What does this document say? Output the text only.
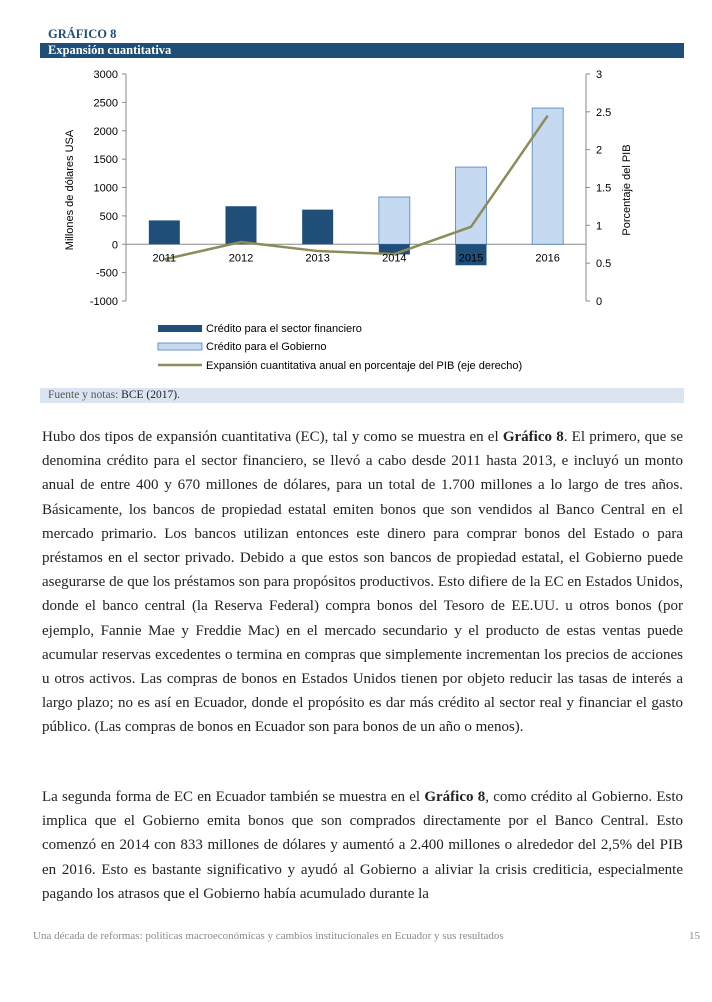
GRÁFICO 8
Expansión cuantitativa
3000
2500
2000
1500
1000
500
0
-500
-1000
3
2.5
2
1.5
1
0.5
0
2011	2012	2013	2014	2015	2016
Millones de dólares USA	Porcentaje del PIB
Crédito para el sector financiero
Crédito para el Gobierno
Expansión cuantitativa anual en porcentaje del PIB (eje derecho)
Fuente y notas: BCE (2017).

Hubo dos tipos de expansión cuantitativa (EC), tal y como se muestra en el Gráfico 8. El primero, que se denomina crédito para el sector financiero, se llevó a cabo desde 2011 hasta 2013, e incluyó un monto anual de entre 400 y 670 millones de dólares, para un total de 1.700 millones a lo largo de tres años. Básicamente, los bancos de propiedad estatal emiten bonos que son vendidos al Banco Central en el mercado primario. Los bancos utilizan entonces este dinero para comprar bonos del Estado o para préstamos en el sector privado. Debido a que estos son bancos de propiedad estatal, el Gobierno puede asegurarse de que los préstamos son para propósitos productivos. Esto difiere de la EC en Estados Unidos, donde el banco central (la Reserva Federal) compra bonos del Tesoro de EE.UU. u otros bonos (por ejemplo, Fannie Mae y Freddie Mac) en el mercado secundario y el producto de estas ventas puede acumular reservas excedentes o termina en compras que simplemente incrementan los precios de acciones u otros activos. Las compras de bonos en Estados Unidos tienen por objeto reducir las tasas de interés a largo plazo; no es así en Ecuador, donde el propósito es dar más crédito al sector real y financiar el gasto público. (Las compras de bonos en Ecuador son para bonos de un año o menos).

La segunda forma de EC en Ecuador también se muestra en el Gráfico 8, como crédito al Gobierno. Esto implica que el Gobierno emita bonos que son comprados directamente por el Banco Central. Esto comenzó en 2014 con 833 millones de dólares y aumentó a 2.400 millones o alrededor del 2,5% del PIB en 2016. Esto es bastante significativo y ayudó al Gobierno a aliviar la crisis crediticia, especialmente pagando los atrasos que el Gobierno había acumulado durante la

Una década de reformas: políticas macroeconómicas y cambios institucionales en Ecuador y sus resultados	15
